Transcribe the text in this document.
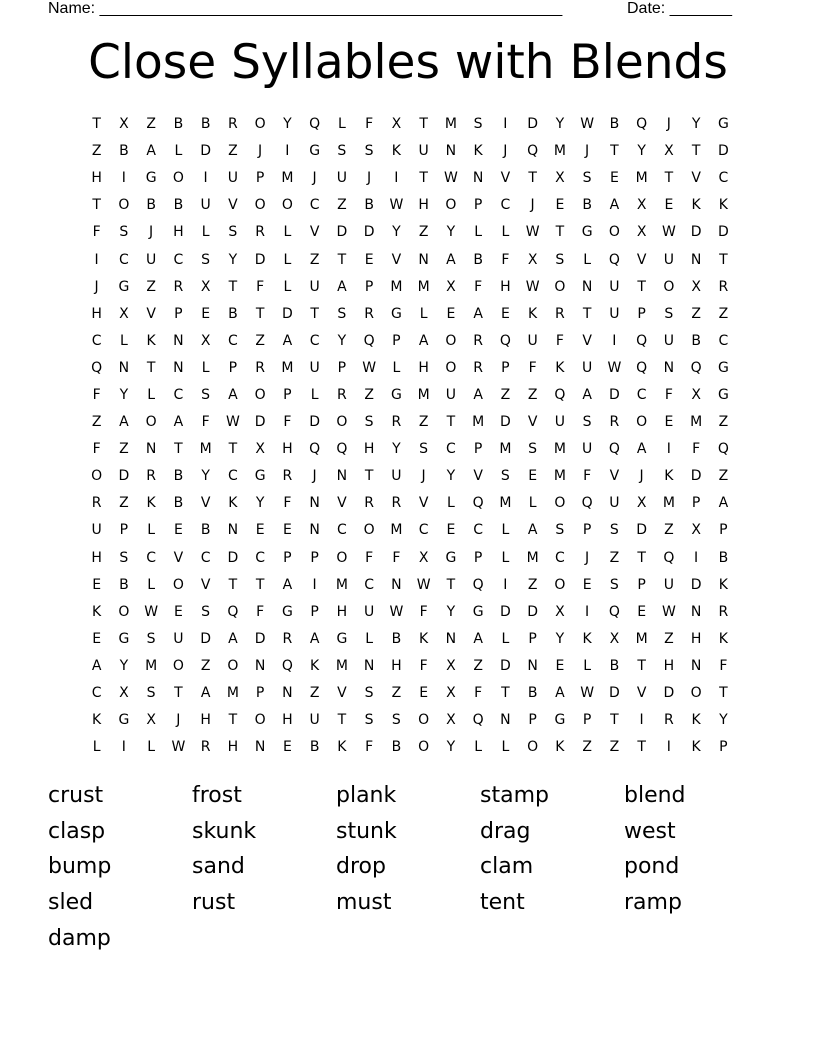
Name: ____________________________________________________	Date: _______
Close Syllables with Blends
T	X	Z	B	B	R	O	Y	Q	L	F	X	T	M	S	I	D	Y	W	B	Q	J	Y	G
Z	B	A	L	D	Z	J	I	G	S	S	K	U	N	K	J	Q	M	J	T	Y	X	T	D
H	I	G	O	I	U	P	M	J	U	J	I	T	W	N	V	T	X	S	E	M	T	V	C
T	O	B	B	U	V	O	O	C	Z	B	W	H	O	P	C	J	E	B	A	X	E	K	K
F	S	J	H	L	S	R	L	V	D	D	Y	Z	Y	L	L	W	T	G	O	X	W	D	D
I	C	U	C	S	Y	D	L	Z	T	E	V	N	A	B	F	X	S	L	Q	V	U	N	T
J	G	Z	R	X	T	F	L	U	A	P	M	M	X	F	H	W	O	N	U	T	O	X	R
H	X	V	P	E	B	T	D	T	S	R	G	L	E	A	E	K	R	T	U	P	S	Z	Z
C	L	K	N	X	C	Z	A	C	Y	Q	P	A	O	R	Q	U	F	V	I	Q	U	B	C
Q	N	T	N	L	P	R	M	U	P	W	L	H	O	R	P	F	K	U	W	Q	N	Q	G
F	Y	L	C	S	A	O	P	L	R	Z	G	M	U	A	Z	Z	Q	A	D	C	F	X	G
Z	A	O	A	F	W	D	F	D	O	S	R	Z	T	M	D	V	U	S	R	O	E	M	Z
F	Z	N	T	M	T	X	H	Q	Q	H	Y	S	C	P	M	S	M	U	Q	A	I	F	Q
O	D	R	B	Y	C	G	R	J	N	T	U	J	Y	V	S	E	M	F	V	J	K	D	Z
R	Z	K	B	V	K	Y	F	N	V	R	R	V	L	Q	M	L	O	Q	U	X	M	P	A
U	P	L	E	B	N	E	E	N	C	O	M	C	E	C	L	A	S	P	S	D	Z	X	P
H	S	C	V	C	D	C	P	P	O	F	F	X	G	P	L	M	C	J	Z	T	Q	I	B
E	B	L	O	V	T	T	A	I	M	C	N	W	T	Q	I	Z	O	E	S	P	U	D	K
K	O	W	E	S	Q	F	G	P	H	U	W	F	Y	G	D	D	X	I	Q	E	W	N	R
E	G	S	U	D	A	D	R	A	G	L	B	K	N	A	L	P	Y	K	X	M	Z	H	K
A	Y	M	O	Z	O	N	Q	K	M	N	H	F	X	Z	D	N	E	L	B	T	H	N	F
C	X	S	T	A	M	P	N	Z	V	S	Z	E	X	F	T	B	A	W	D	V	D	O	T
K	G	X	J	H	T	O	H	U	T	S	S	O	X	Q	N	P	G	P	T	I	R	K	Y
L	I	L	W	R	H	N	E	B	K	F	B	O	Y	L	L	O	K	Z	Z	T	I	K	P
crust	frost	plank	stamp	blend
clasp	skunk	stunk	drag	west
bump	sand	drop	clam	pond
sled	rust	must	tent	ramp
damp
